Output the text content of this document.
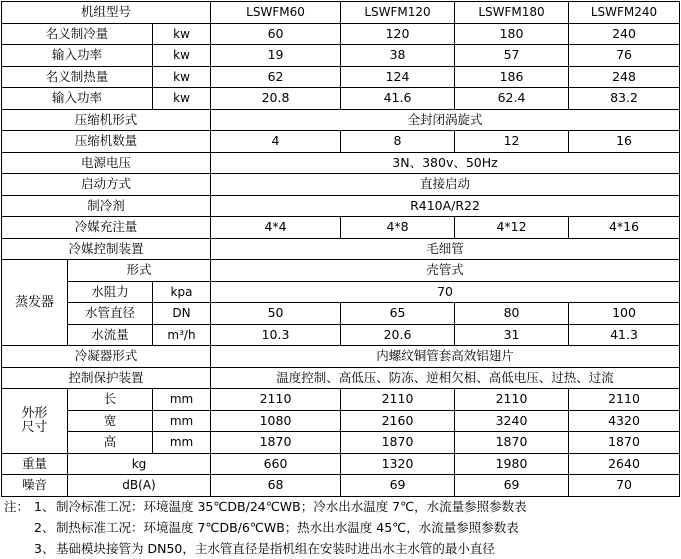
机组型号			LSWFM60	LSWFM120	LSWFM180	LSWFM240
名义制冷量		kw	60	120	180	240
输入功率		kw	19	38	57	76
名义制热量		kw	62	124	186	248
输入功率		kw	20.8	41.6	62.4	83.2
压缩机形式			全封闭涡旋式			
压缩机数量			4	8	12	16
电源电压			3N、380v、50Hz			
启动方式			直接启动			
制冷剂			R410A/R22			
冷媒充注量			4*4	4*8	4*12	4*16
冷媒控制装置			毛细管			
蒸发器	形式		壳管式			
	水阻力	kpa	70			
	水管直径	DN	50	65	80	100
	水流量	m³/h	10.3	20.6	31	41.3
冷凝器形式			内螺纹铜管套高效铝翅片			
控制保护装置			温度控制、高低压、防冻、逆相欠相、高低电压、过热、过流			

外形
尺寸	长	mm	2110	2110	2110	2110
	宽	mm	1080	2160	3240	4320
	高	mm	1870	1870	1870	1870
重量	kg		660	1320	1980	2640
噪音	dB(A)		68	69	69	70
注： 1、 制冷标准工况：环境温度 35℃DB/24℃WB；冷水出水温度 7℃，水流量参照参数表
2、 制热标准工况：环境温度 7℃DB/6℃WB；热水出水温度 45℃，水流量参照参数表
3、 基础模块接管为 DN50，主水管直径是指机组在安装时进出水主水管的最小直径
